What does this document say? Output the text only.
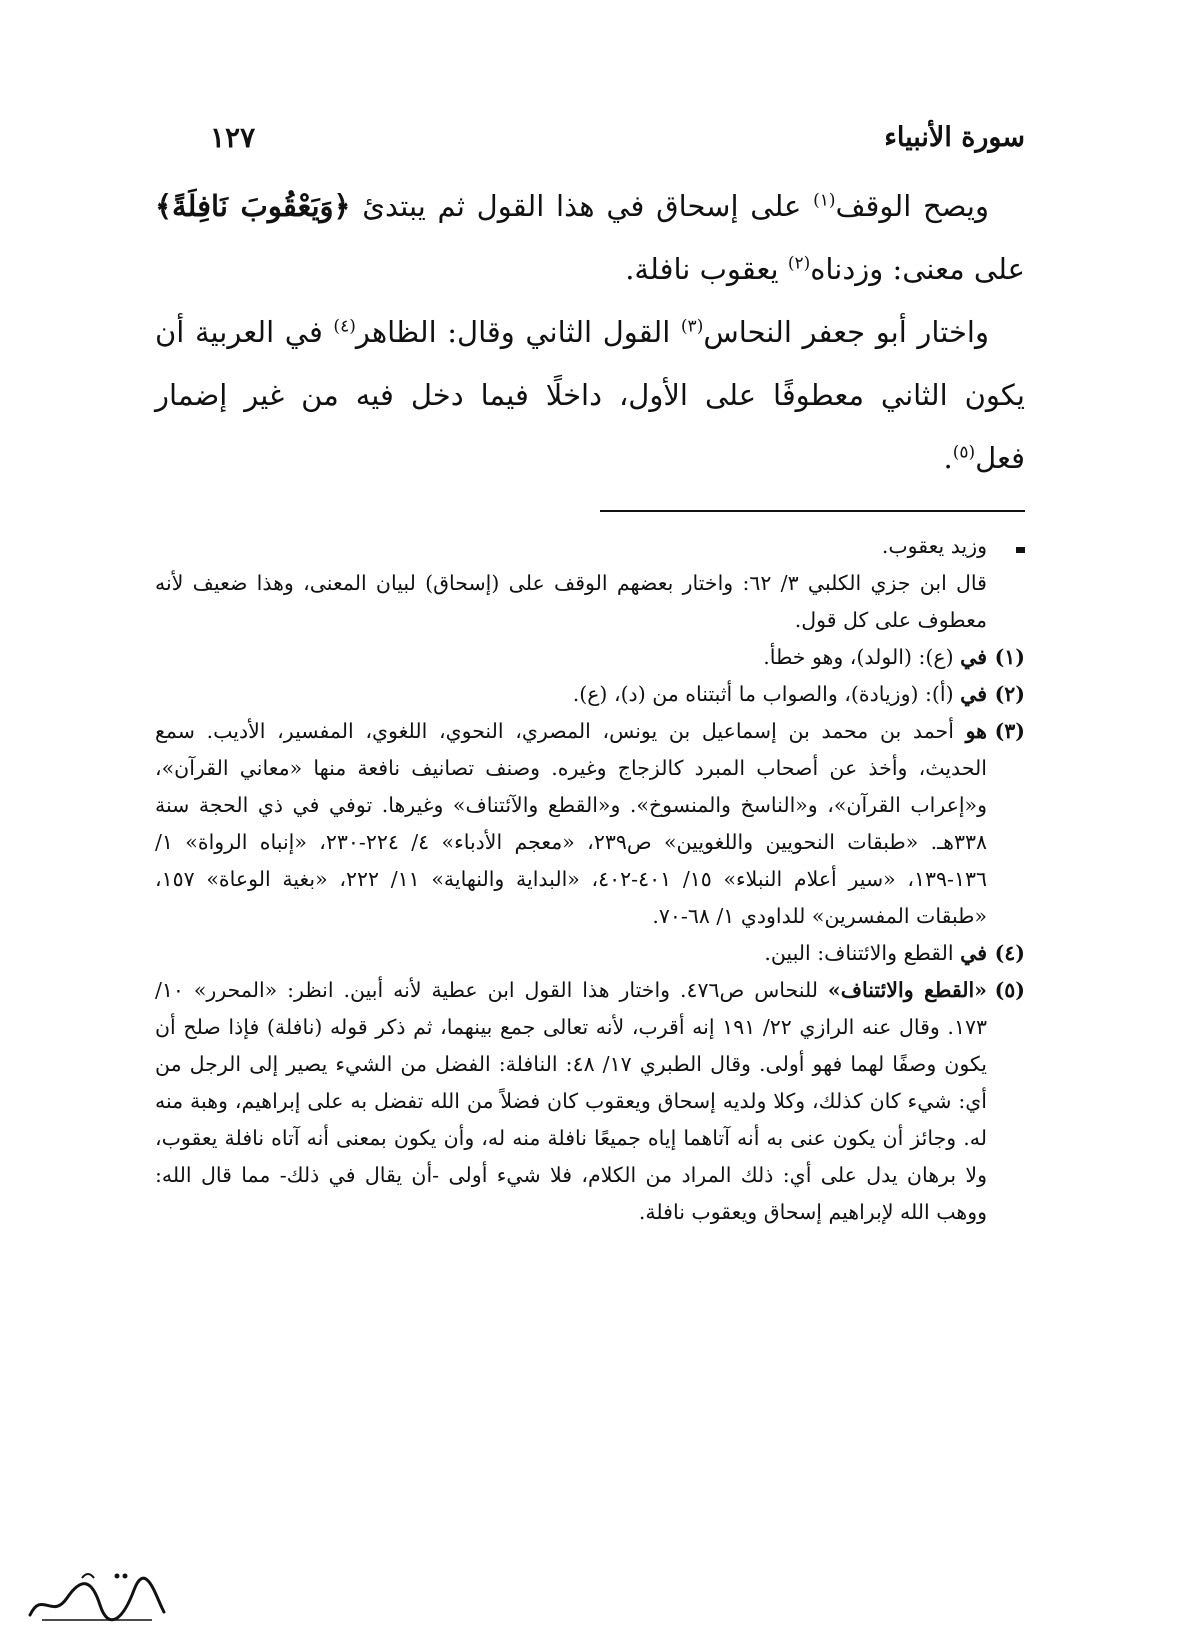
سورة الأنبياء
١٢٧

ويصح الوقف$^{(١)}$ على إسحاق في هذا القول ثم يبتدئ ﴿وَيَعْقُوبَ نَافِلَةً﴾ على معنى: وزدناه$^{(٢)}$ يعقوب نافلة.

واختار أبو جعفر النحاس$^{(٣)}$ القول الثاني وقال: الظاهر$^{(٤)}$ في العربية أن يكون الثاني معطوفًا على الأول، داخلًا فيما دخل فيه من غير إضمار فعل$^{(٥)}$.

وزيد يعقوب.
قال ابن جزي الكلبي ٣/ ٦٢: واختار بعضهم الوقف على (إسحاق) لبيان المعنى، وهذا ضعيف لأنه معطوف على كل قول.
(١)

في (ع): (الولد)، وهو خطأ.

(٢)

في (أ): (وزيادة)، والصواب ما أثبتناه من (د)، (ع).

(٣)

هو أحمد بن محمد بن إسماعيل بن يونس، المصري، النحوي، اللغوي، المفسير، الأديب. سمع الحديث، وأخذ عن أصحاب المبرد كالزجاج وغيره. وصنف تصانيف نافعة منها «معاني القرآن»، و«إعراب القرآن»، و«الناسخ والمنسوخ». و«القطع والآئتناف» وغيرها. توفي في ذي الحجة سنة ٣٣٨هـ. «طبقات النحويين واللغويين» ص٢٣٩، «معجم الأدباء» ٤/ ٢٢٤-٢٣٠، «إنباه الرواة» ١/ ١٣٦-١٣٩، «سير أعلام النبلاء» ١٥/ ٤٠١-٤٠٢، «البداية والنهاية» ١١/ ٢٢٢، «بغية الوعاة» ١٥٧، «طبقات المفسرين» للداودي ١/ ٦٨-٧٠.

(٤)

في القطع والائتناف: البين.

(٥)

«القطع والائتناف» للنحاس ص٤٧٦. واختار هذا القول ابن عطية لأنه أبين. انظر: «المحرر» ١٠/ ١٧٣. وقال عنه الرازي ٢٢/ ١٩١ إنه أقرب، لأنه تعالى جمع بينهما، ثم ذكر قوله (نافلة) فإذا صلح أن يكون وصفًا لهما فهو أولى. وقال الطبري ١٧/ ٤٨: النافلة: الفضل من الشيء يصير إلى الرجل من أي: شيء كان كذلك، وكلا ولديه إسحاق ويعقوب كان فضلاً من الله تفضل به على إبراهيم، وهبة منه له. وجائز أن يكون عنى به أنه آتاهما إياه جميعًا نافلة منه له، وأن يكون بمعنى أنه آتاه نافلة يعقوب، ولا برهان يدل على أي: ذلك المراد من الكلام، فلا شيء أولى -أن يقال في ذلك- مما قال الله: ووهب الله لإبراهيم إسحاق ويعقوب نافلة.
